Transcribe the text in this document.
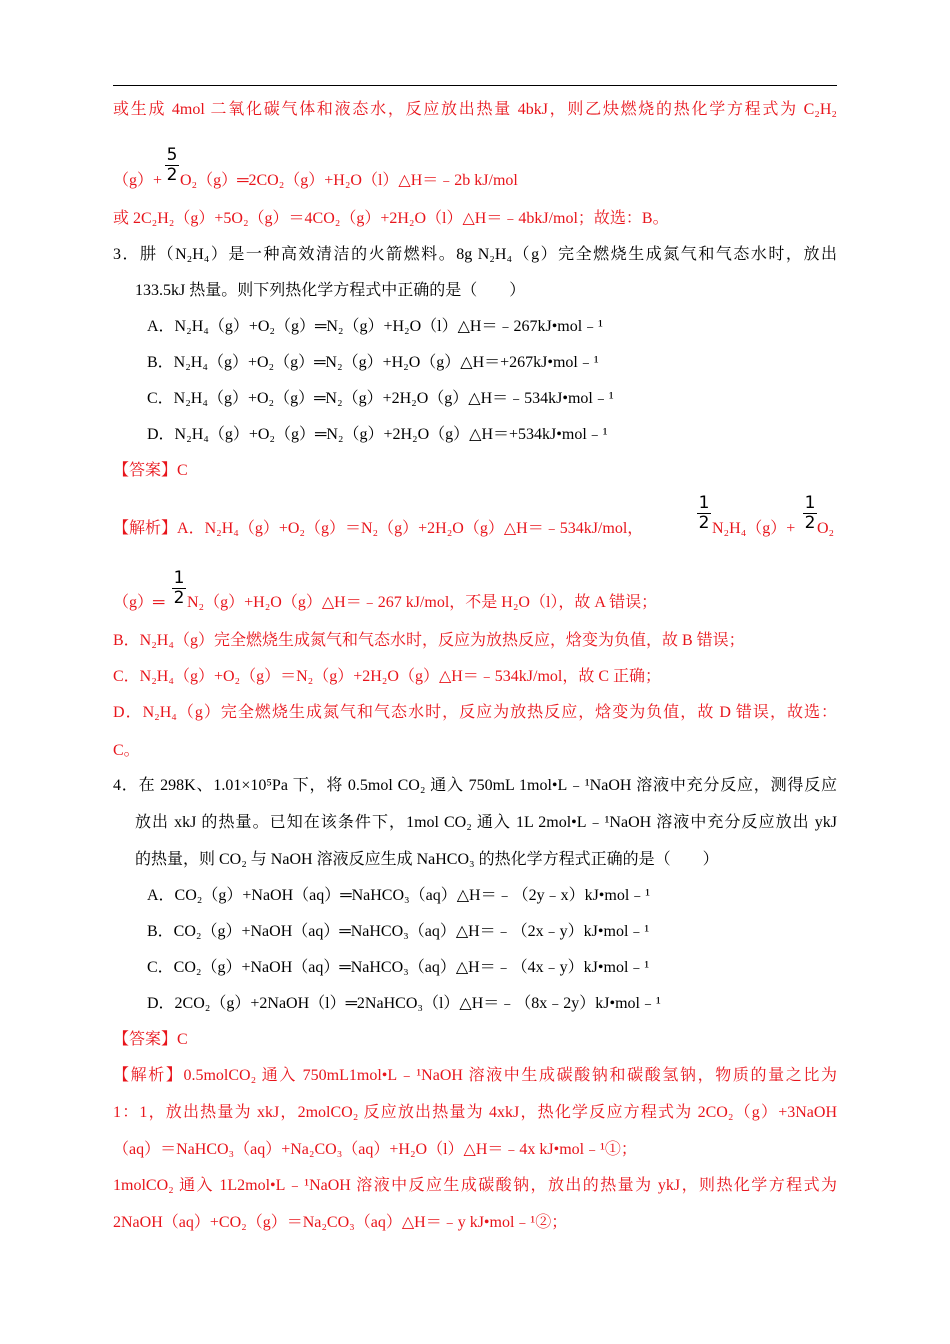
或生成 4mol 二氧化碳气体和液态水，反应放出热量 4bkJ，则乙炔燃烧的热化学方程式为 C₂H₂
5
2
（g）+ O₂（g）═2CO₂（g）+H₂O（l）△H＝﹣2b kJ/mol
或 2C₂H₂（g）+5O₂（g）＝4CO₂（g）+2H₂O（l）△H＝﹣4bkJ/mol；故选：B。
3．肼（N₂H₄）是一种高效清洁的火箭燃料。8g N₂H₄（g）完全燃烧生成氮气和气态水时，放出
133.5kJ 热量。则下列热化学方程式中正确的是（　　）
A．N₂H₄（g）+O₂（g）═N₂（g）+H₂O（l）△H＝﹣267kJ•mol﹣¹
B．N₂H₄（g）+O₂（g）═N₂（g）+H₂O（g）△H＝+267kJ•mol﹣¹
C．N₂H₄（g）+O₂（g）═N₂（g）+2H₂O（g）△H＝﹣534kJ•mol﹣¹
D．N₂H₄（g）+O₂（g）═N₂（g）+2H₂O（g）△H＝+534kJ•mol﹣¹
【答案】C
【解析】A．N₂H₄（g）+O₂（g）＝N₂（g）+2H₂O（g）△H＝﹣534kJ/mol，
1
2 N₂H₄（g）+
1
2 O₂
1
2
（g）═ N₂（g）+H₂O（g）△H＝﹣267 kJ/mol，不是 H₂O（l），故 A 错误；
B．N₂H₄（g）完全燃烧生成氮气和气态水时，反应为放热反应，焓变为负值，故 B 错误；
C．N₂H₄（g）+O₂（g）＝N₂（g）+2H₂O（g）△H＝﹣534kJ/mol，故 C 正确；
D．N₂H₄（g）完全燃烧生成氮气和气态水时，反应为放热反应，焓变为负值，故 D 错误，故选：
C。
4．在 298K、1.01×10⁵Pa 下，将 0.5mol CO₂ 通入 750mL 1mol•L﹣¹NaOH 溶液中充分反应，测得反应
放出 xkJ 的热量。已知在该条件下，1mol CO₂ 通入 1L 2mol•L﹣¹NaOH 溶液中充分反应放出 ykJ
的热量，则 CO₂ 与 NaOH 溶液反应生成 NaHCO₃ 的热化学方程式正确的是（　　）
A．CO₂（g）+NaOH（aq）═NaHCO₃（aq）△H＝﹣（2y﹣x）kJ•mol﹣¹
B．CO₂（g）+NaOH（aq）═NaHCO₃（aq）△H＝﹣（2x﹣y）kJ•mol﹣¹
C．CO₂（g）+NaOH（aq）═NaHCO₃（aq）△H＝﹣（4x﹣y）kJ•mol﹣¹
D．2CO₂（g）+2NaOH（l）═2NaHCO₃（l）△H＝﹣（8x﹣2y）kJ•mol﹣¹
【答案】C
【解析】0.5molCO₂ 通入 750mL1mol•L﹣¹NaOH 溶液中生成碳酸钠和碳酸氢钠，物质的量之比为
1：1，放出热量为 xkJ，2molCO₂ 反应放出热量为 4xkJ，热化学反应方程式为 2CO₂（g）+3NaOH
（aq）＝NaHCO₃（aq）+Na₂CO₃（aq）+H₂O（l）△H＝﹣4x kJ•mol﹣¹①；
1molCO₂ 通入 1L2mol•L﹣¹NaOH 溶液中反应生成碳酸钠，放出的热量为 ykJ，则热化学方程式为
2NaOH（aq）+CO₂（g）＝Na₂CO₃（aq）△H＝﹣y kJ•mol﹣¹②；
